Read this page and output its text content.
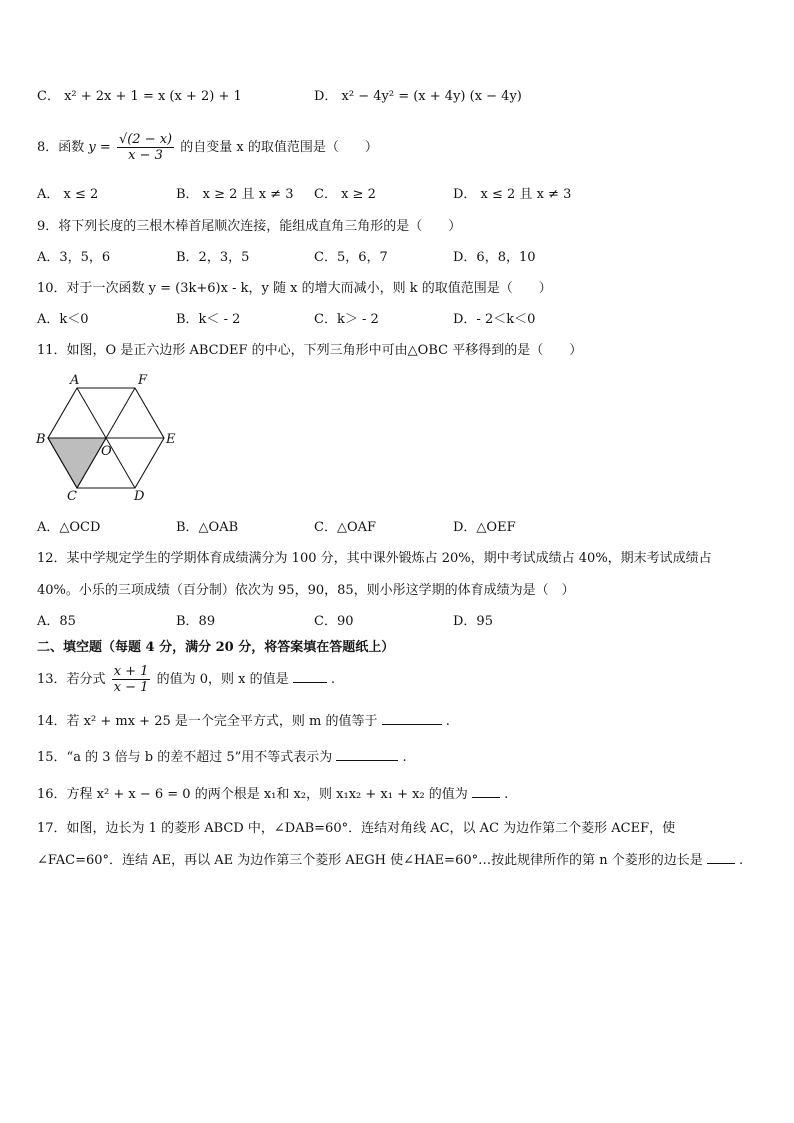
C． x² + 2x + 1 = x (x + 2) + 1	D． x² − 4y² = (x + 4y) (x − 4y)
8．函数 $y = \frac{√(2 - x)}{x - 3}$ 的自变量 x 的取值范围是（　　）
A． x ≤ 2	B． x ≥ 2 且 x ≠ 3 C． x ≥ 2	D． x ≤ 2 且 x ≠ 3
9．将下列长度的三根木棒首尾顺次连接，能组成直角三角形的是（　　）
A．3，5，6	B．2，3，5	C．5，6，7	D．6，8，10
10．对于一次函数 y = (3k+6)x - k，y 随 x 的增大而减小，则 k 的取值范围是（　　）
A．k＜0	B．k＜ - 2	C．k＞ - 2	D．- 2＜k＜0
11．如图，O 是正六边形 ABCDEF 的中心，下列三角形中可由△OBC 平移得到的是（　　）
A	F
B
O
E
C	D
A．△OCD	B．△OAB	C．△OAF	D．△OEF
12．某中学规定学生的学期体育成绩满分为 100 分，其中课外锻炼占 20%，期中考试成绩占 40%，期末考试成绩占
40%。小乐的三项成绩（百分制）依次为 95，90，85，则小彤这学期的体育成绩为是（　）
A．85	B．89	C．90	D．95
二、填空题（每题 4 分，满分 20 分，将答案填在答题纸上）
13．若分式 $\frac{x + 1}{x - 1}$ 的值为 0，则 x 的值是	.
14．若 x² + mx + 25 是一个完全平方式，则 m 的值等于	.
15．“a 的 3 倍与 b 的差不超过 5”用不等式表示为	.
16．方程 x² + x − 6 = 0 的两个根是 x₁和 x₂，则 x₁x₂ + x₁ + x₂ 的值为	.
17．如图，边长为 1 的菱形 ABCD 中，∠DAB=60°．连结对角线 AC，以 AC 为边作第二个菱形 ACEF，使
∠FAC=60°．连结 AE，再以 AE 为边作第三个菱形 AEGH 使∠HAE=60°…按此规律所作的第 n 个菱形的边长是	.
